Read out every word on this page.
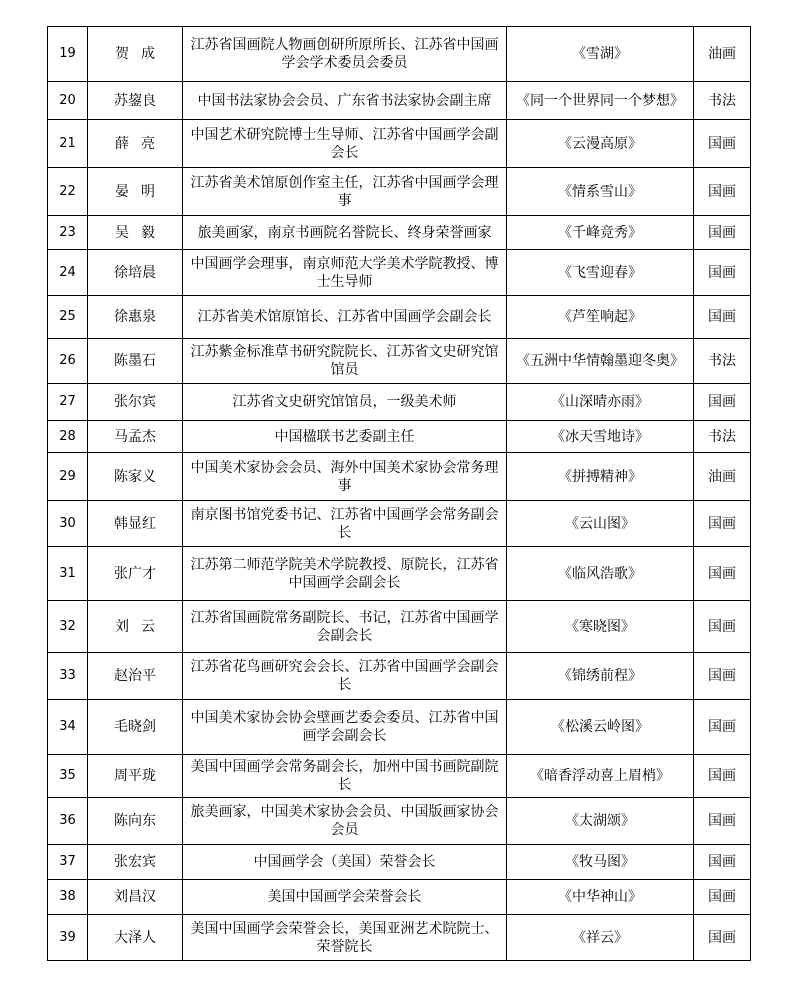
19	贺成	江苏省国画院人物画创研所原所长、江苏省中国画学会学术委员会委员	《雪湖》	油画
20	苏鋆良	中国书法家协会会员、广东省书法家协会副主席	《同一个世界同一个梦想》	书法
21	薛亮	中国艺术研究院博士生导师、江苏省中国画学会副会长	《云漫高原》	国画
22	晏明	江苏省美术馆原创作室主任，江苏省中国画学会理事	《情系雪山》	国画
23	吴毅	旅美画家，南京书画院名誉院长、终身荣誉画家	《千峰竞秀》	国画
24	徐培晨	中国画学会理事，南京师范大学美术学院教授、博士生导师	《飞雪迎春》	国画
25	徐惠泉	江苏省美术馆原馆长、江苏省中国画学会副会长	《芦笙响起》	国画
26	陈墨石	江苏紫金标准草书研究院院长、江苏省文史研究馆馆员	《五洲中华情翰墨迎冬奥》	书法
27	张尔宾	江苏省文史研究馆馆员，一级美术师	《山深晴亦雨》	国画
28	马孟杰	中国楹联书艺委副主任	《冰天雪地诗》	书法
29	陈家义	中国美术家协会会员、海外中国美术家协会常务理事	《拼搏精神》	油画
30	韩显红	南京图书馆党委书记、江苏省中国画学会常务副会长	《云山图》	国画
31	张广才	江苏第二师范学院美术学院教授、原院长，江苏省中国画学会副会长	《临风浩歌》	国画
32	刘云	江苏省国画院常务副院长、书记，江苏省中国画学会副会长	《寒晓图》	国画
33	赵治平	江苏省花鸟画研究会会长、江苏省中国画学会副会长	《锦绣前程》	国画
34	毛晓剑	中国美术家协会协会壁画艺委会委员、江苏省中国画学会副会长	《松溪云岭图》	国画
35	周平珑	美国中国画学会常务副会长，加州中国书画院副院长	《暗香浮动喜上眉梢》	国画
36	陈向东	旅美画家，中国美术家协会会员、中国版画家协会会员	《太湖颂》	国画
37	张宏宾	中国画学会（美国）荣誉会长	《牧马图》	国画
38	刘昌汉	美国中国画学会荣誉会长	《中华神山》	国画
39	大泽人	美国中国画学会荣誉会长，美国亚洲艺术院院士、荣誉院长	《祥云》	国画
